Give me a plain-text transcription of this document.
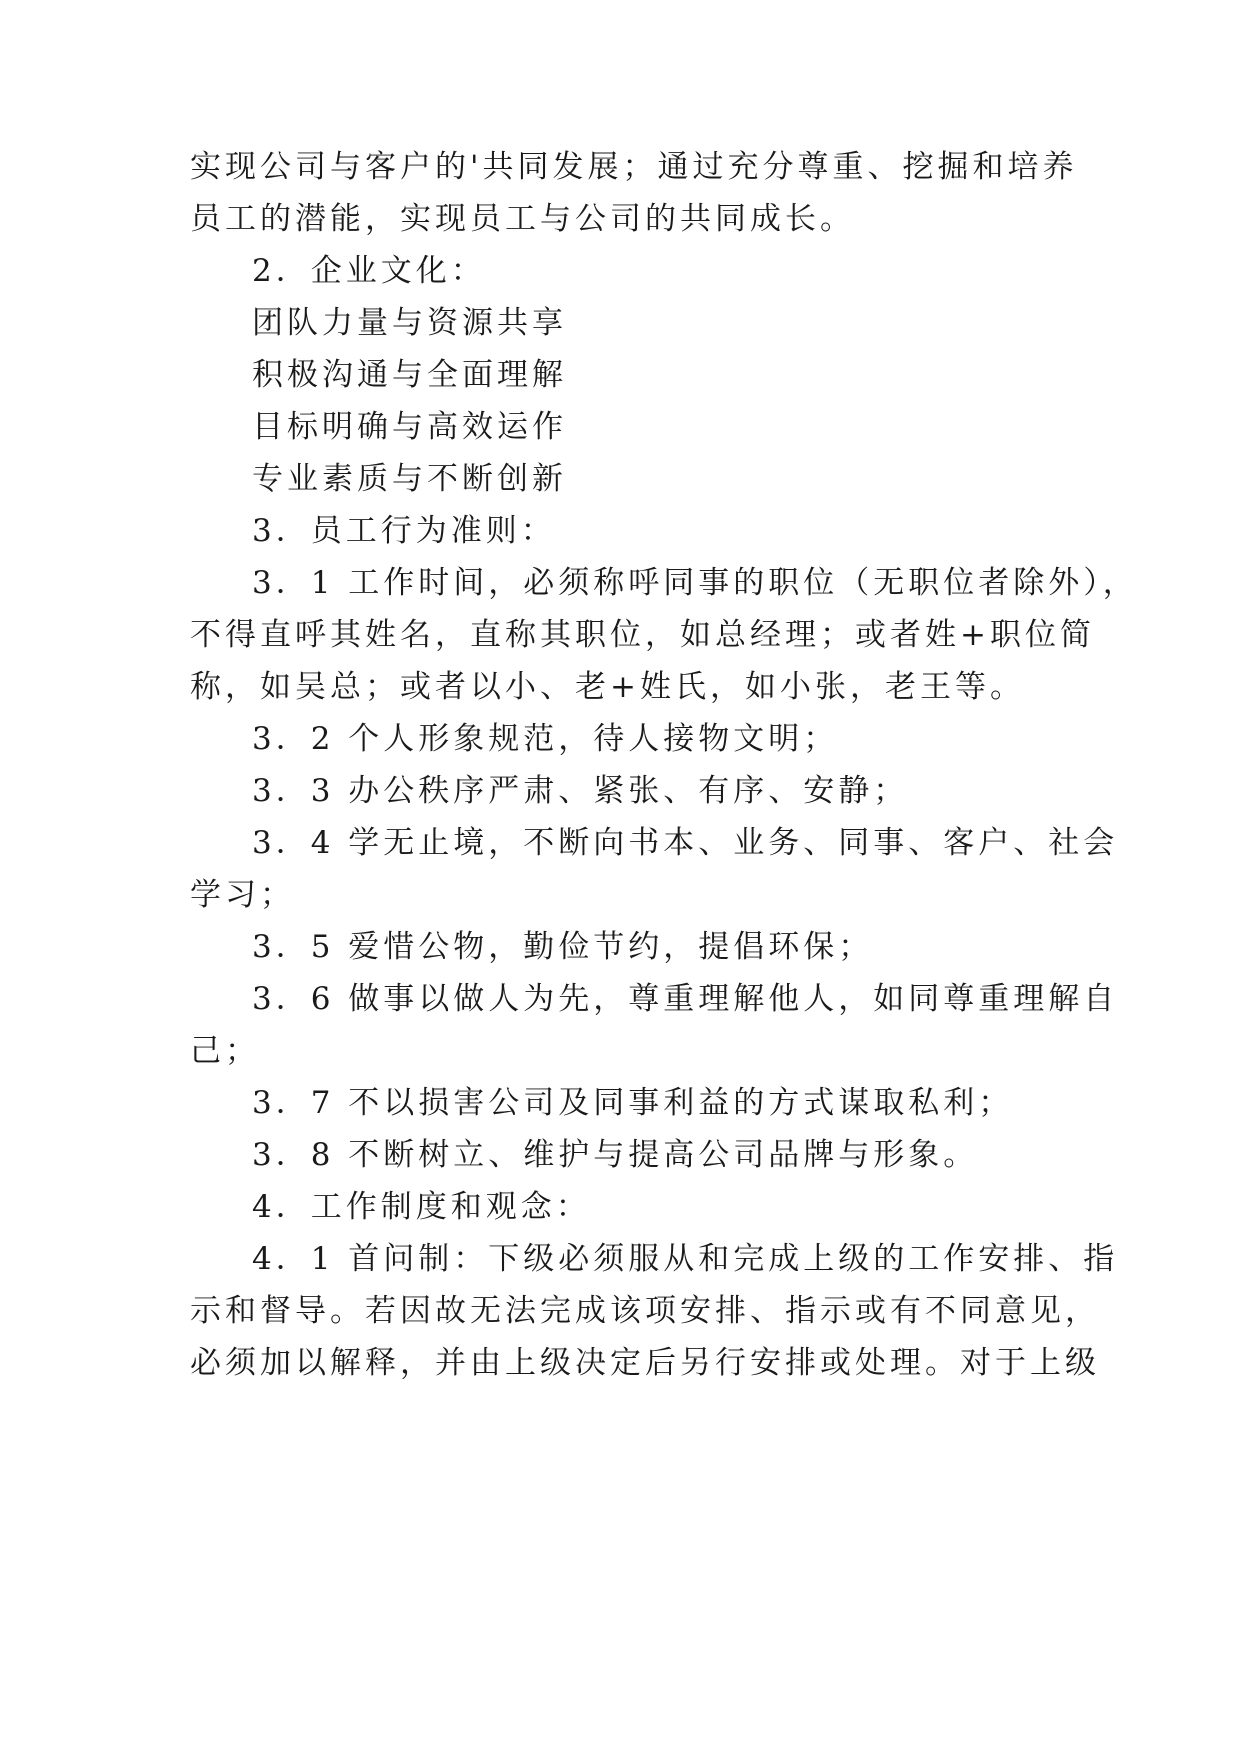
实现公司与客户的'共同发展；通过充分尊重、挖掘和培养
员工的潜能，实现员工与公司的共同成长。
2．企业文化：
团队力量与资源共享
积极沟通与全面理解
目标明确与高效运作
专业素质与不断创新
3．员工行为准则：
3．1 工作时间，必须称呼同事的职位（无职位者除外），
不得直呼其姓名，直称其职位，如总经理；或者姓+职位简
称，如吴总；或者以小、老+姓氏，如小张，老王等。
3．2 个人形象规范，待人接物文明；
3．3 办公秩序严肃、紧张、有序、安静；
3．4 学无止境，不断向书本、业务、同事、客户、社会
学习；
3．5 爱惜公物，勤俭节约，提倡环保；
3．6 做事以做人为先，尊重理解他人，如同尊重理解自
己；
3．7 不以损害公司及同事利益的方式谋取私利；
3．8 不断树立、维护与提高公司品牌与形象。
4．工作制度和观念：
4．1 首问制：下级必须服从和完成上级的工作安排、指
示和督导。若因故无法完成该项安排、指示或有不同意见，
必须加以解释，并由上级决定后另行安排或处理。对于上级
